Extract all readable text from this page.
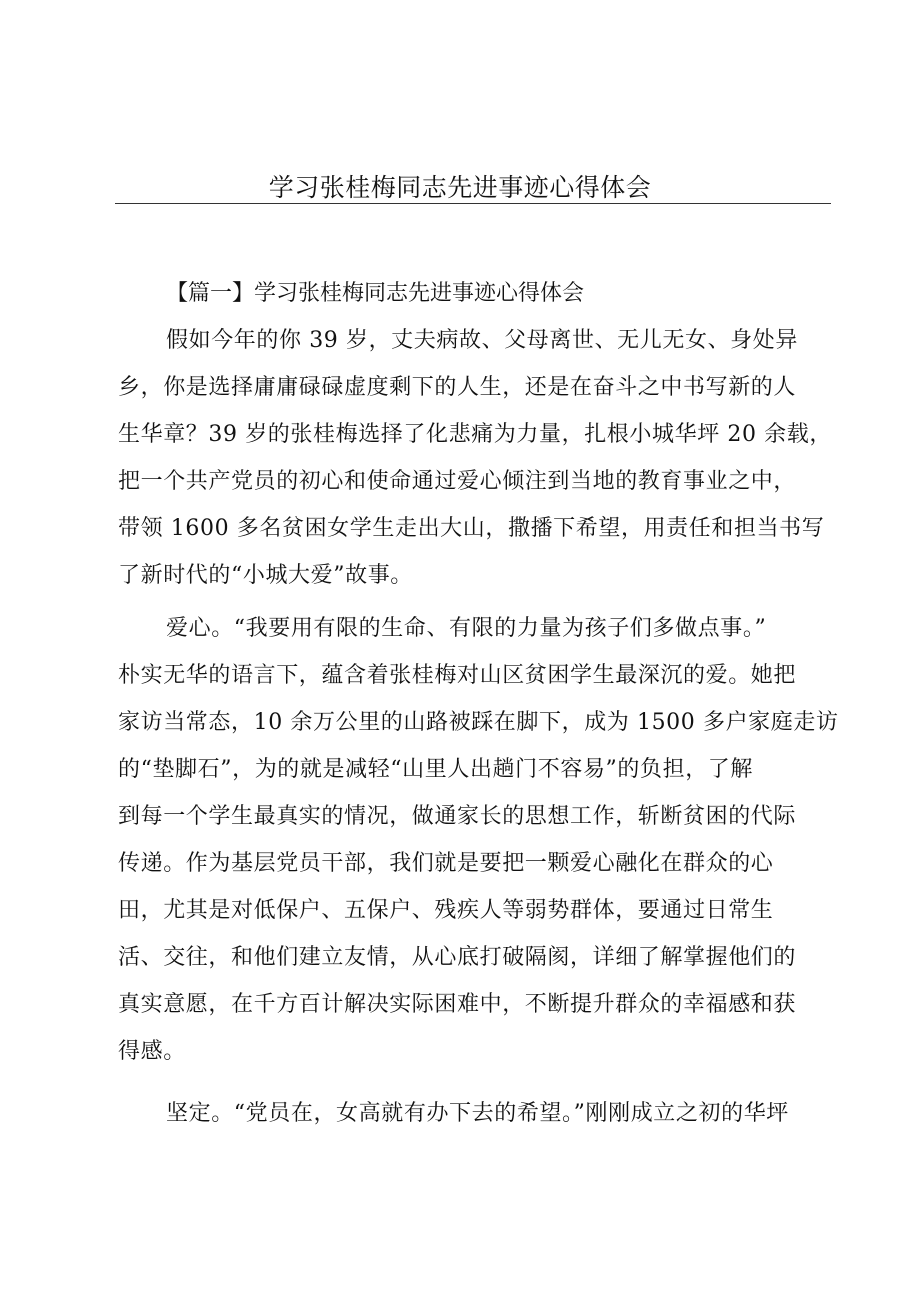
学习张桂梅同志先进事迹心得体会
【篇一】学习张桂梅同志先进事迹心得体会
假如今年的你 39 岁，丈夫病故、父母离世、无儿无女、身处异
乡，你是选择庸庸碌碌虚度剩下的人生，还是在奋斗之中书写新的人
生华章？39 岁的张桂梅选择了化悲痛为力量，扎根小城华坪 20 余载，
把一个共产党员的初心和使命通过爱心倾注到当地的教育事业之中，
带领 1600 多名贫困女学生走出大山，撒播下希望，用责任和担当书写
了新时代的“小城大爱”故事。
爱心。“我要用有限的生命、有限的力量为孩子们多做点事。”
朴实无华的语言下，蕴含着张桂梅对山区贫困学生最深沉的爱。她把
家访当常态，10 余万公里的山路被踩在脚下，成为 1500 多户家庭走访
的“垫脚石”，为的就是减轻“山里人出趟门不容易”的负担，了解
到每一个学生最真实的情况，做通家长的思想工作，斩断贫困的代际
传递。作为基层党员干部，我们就是要把一颗爱心融化在群众的心
田，尤其是对低保户、五保户、残疾人等弱势群体，要通过日常生
活、交往，和他们建立友情，从心底打破隔阂，详细了解掌握他们的
真实意愿，在千方百计解决实际困难中，不断提升群众的幸福感和获
得感。
坚定。“党员在，女高就有办下去的希望。”刚刚成立之初的华坪
